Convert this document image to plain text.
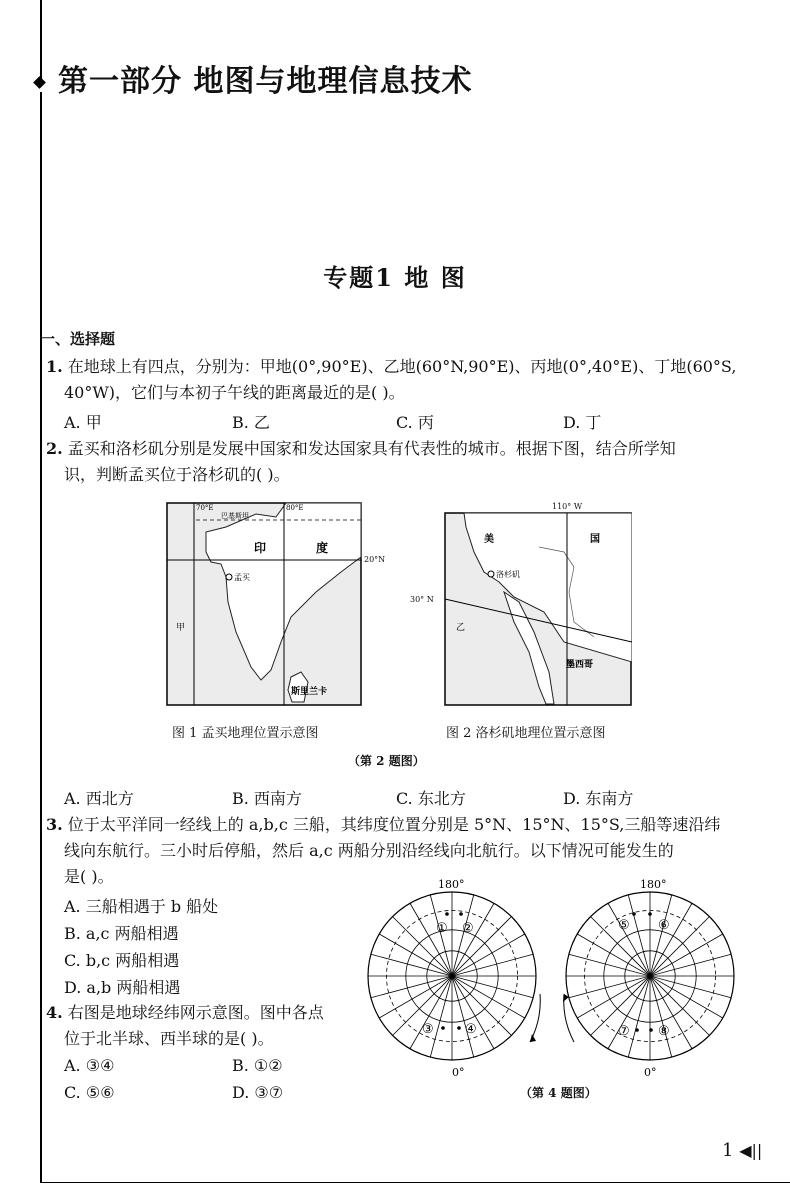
第一部分 地图与地理信息技术
专题1 地 图
一、选择题
1. 在地球上有四点，分别为：甲地(0°,90°E)、乙地(60°N,90°E)、丙地(0°,40°E)、丁地(60°S,
40°W)，它们与本初子午线的距离最近的是( )。
A. 甲	B. 乙	C. 丙	D. 丁
2. 孟买和洛杉矶分别是发展中国家和发达国家具有代表性的城市。根据下图，结合所学知
识，判断孟买位于洛杉矶的( )。
70°E	80°E
巴基斯坦
印	度
孟买
甲
斯里兰卡
20°N
美	国
洛杉矶
乙
墨西哥
110° W
30° N
图 1 孟买地理位置示意图	图 2 洛杉矶地理位置示意图
（第 2 题图）
A. 西北方	B. 西南方	C. 东北方	D. 东南方
3. 位于太平洋同一经线上的 a,b,c 三船，其纬度位置分别是 5°N、15°N、15°S,三船等速沿纬
线向东航行。三小时后停船，然后 a,c 两船分别沿经线向北航行。以下情况可能发生的
是( )。
A. 三船相遇于 b 船处
B. a,c 两船相遇
C. b,c 两船相遇
D. a,b 两船相遇
4. 右图是地球经纬网示意图。图中各点
位于北半球、西半球的是( )。
A. ③④	B. ①②
C. ⑤⑥	D. ③⑦
180°
0°
180°
0°
① ②
③ ④
⑤ ⑥
⑦ ⑧
（第 4 题图）
1 ◀||
